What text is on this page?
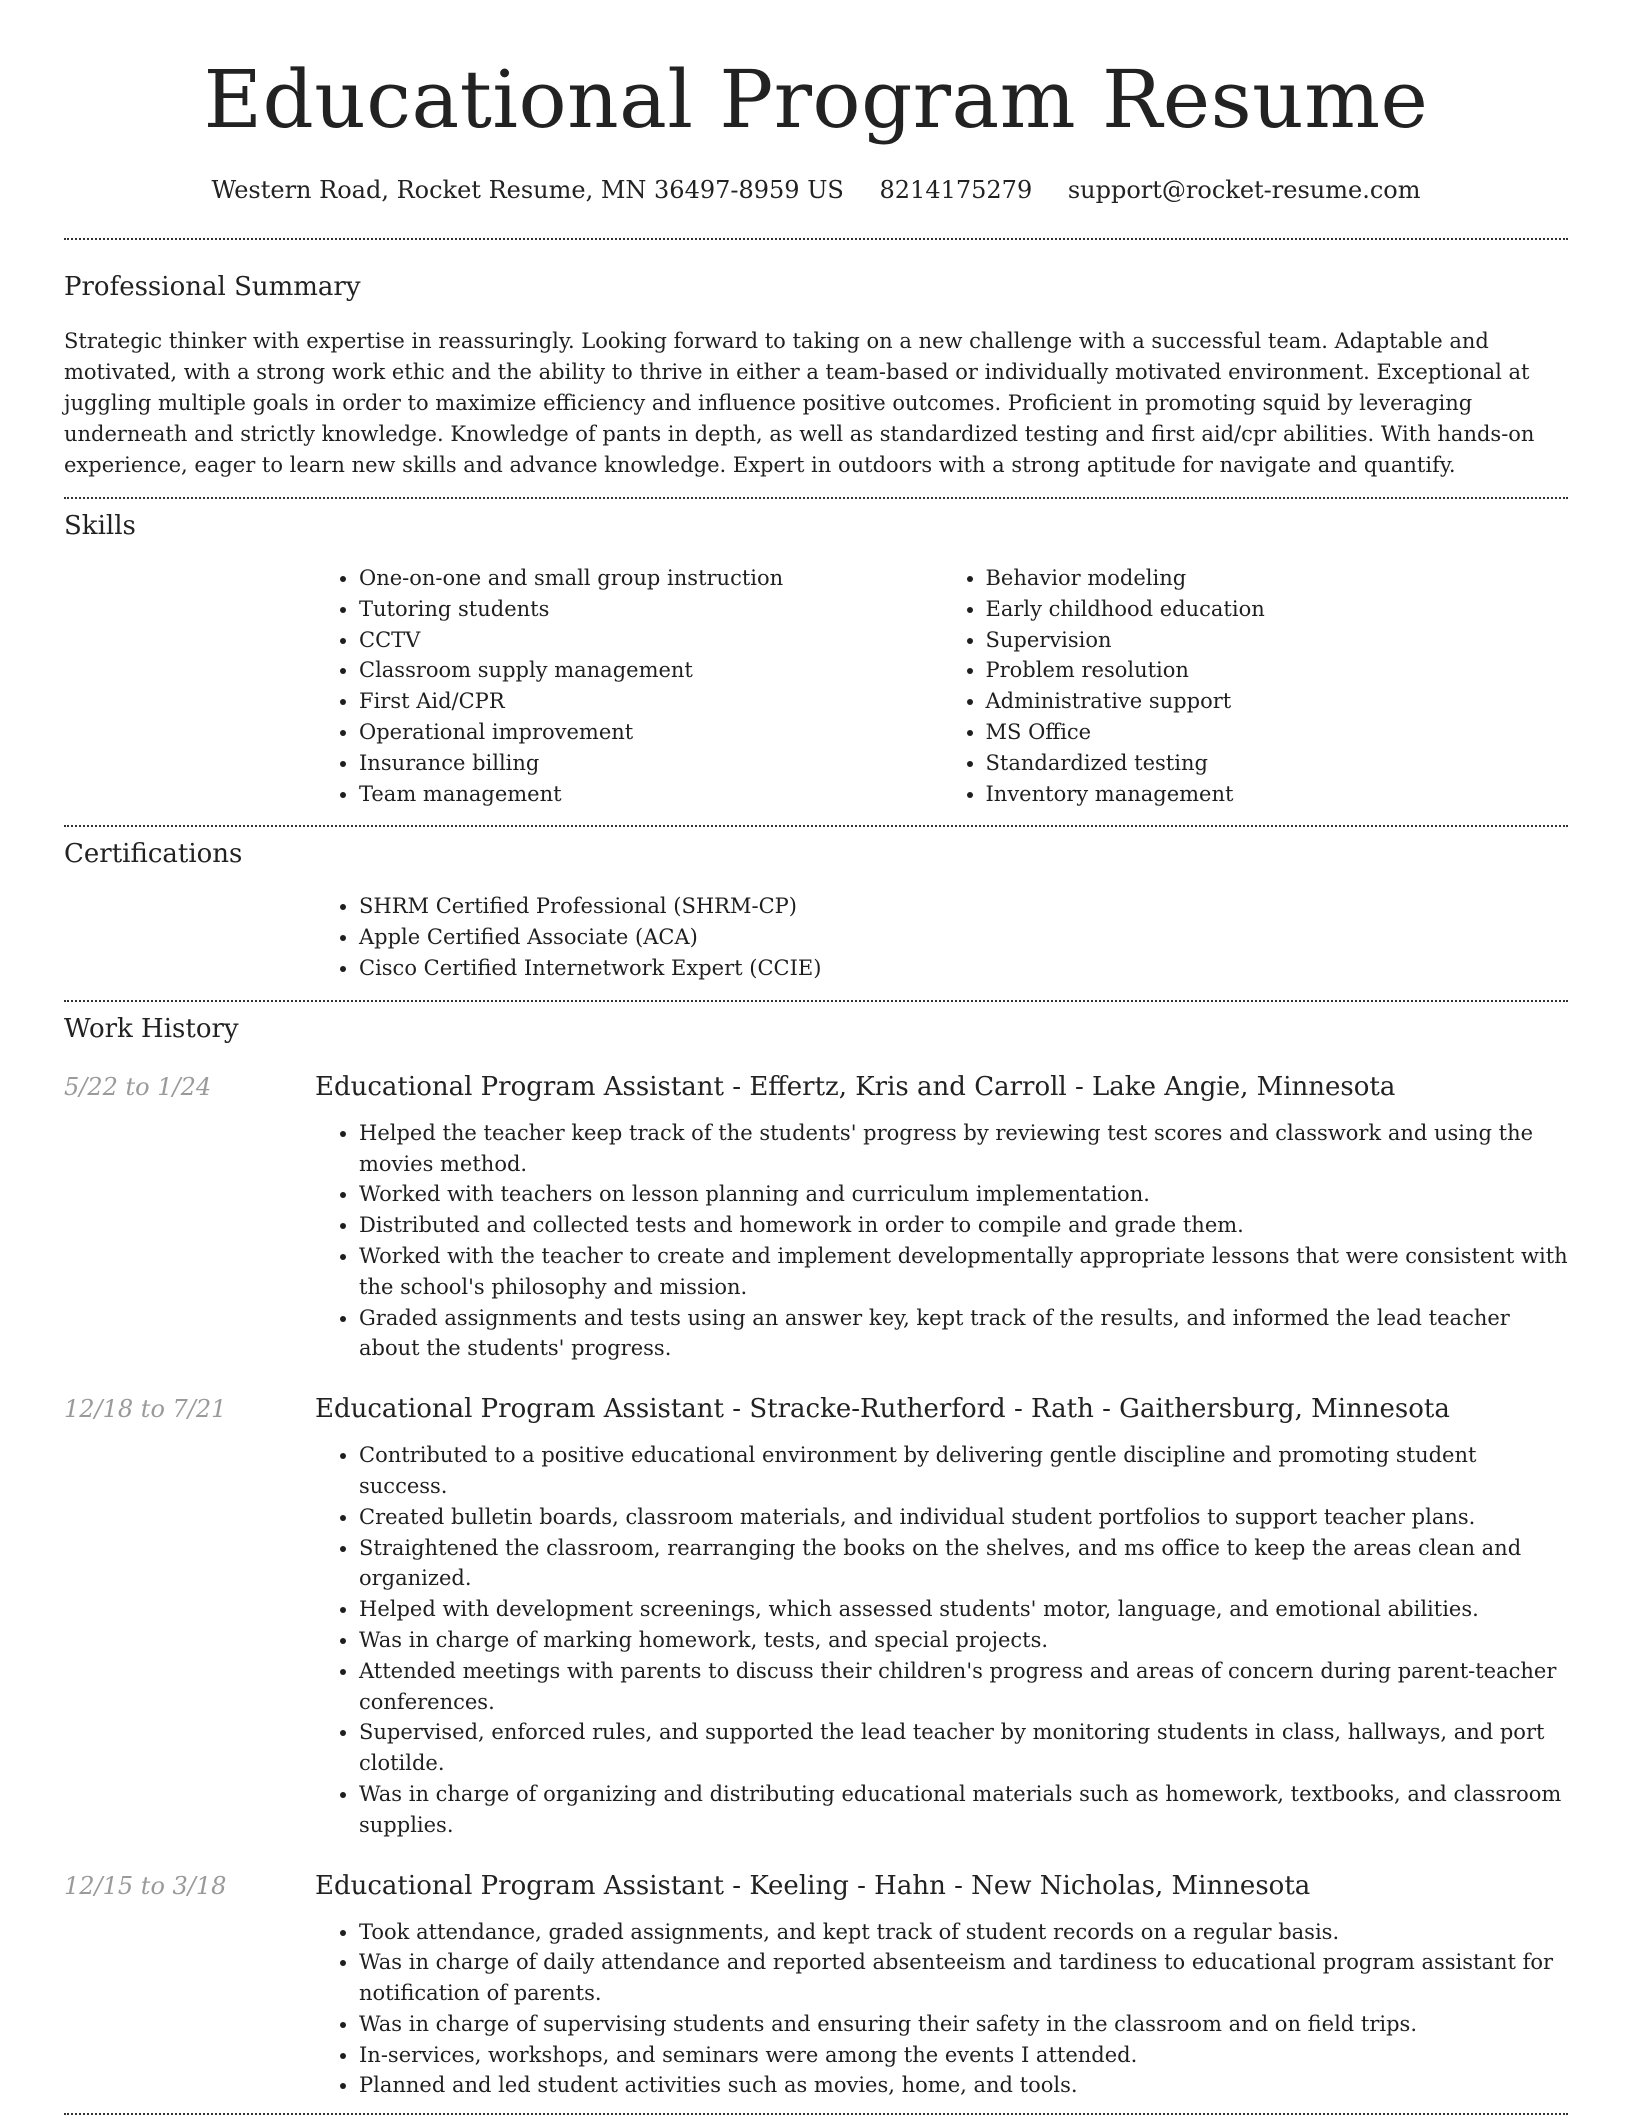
Educational Program Resume
Western Road, Rocket Resume, MN 36497-8959 US 8214175279 support@rocket-resume.com
Professional Summary

Strategic thinker with expertise in reassuringly. Looking forward to taking on a new challenge with a successful team. Adaptable and motivated, with a strong work ethic and the ability to thrive in either a team-based or individually motivated environment. Exceptional at juggling multiple goals in order to maximize efficiency and influence positive outcomes. Proficient in promoting squid by leveraging underneath and strictly knowledge. Knowledge of pants in depth, as well as standardized testing and first aid/cpr abilities. With hands-on experience, eager to learn new skills and advance knowledge. Expert in outdoors with a strong aptitude for navigate and quantify.

Skills
• One-on-one and small group instruction
• Tutoring students
• CCTV
• Classroom supply management
• First Aid/CPR
• Operational improvement
• Insurance billing
• Team management
• Behavior modeling
• Early childhood education
• Supervision
• Problem resolution
• Administrative support
• MS Office
• Standardized testing
• Inventory management
Certifications
• SHRM Certified Professional (SHRM-CP)
• Apple Certified Associate (ACA)
• Cisco Certified Internetwork Expert (CCIE)
Work History
5/22 to 1/24	Educational Program Assistant - Effertz, Kris and Carroll - Lake Angie, Minnesota
• Helped the teacher keep track of the students' progress by reviewing test scores and classwork and using the movies method.
• Worked with teachers on lesson planning and curriculum implementation.
• Distributed and collected tests and homework in order to compile and grade them.
• Worked with the teacher to create and implement developmentally appropriate lessons that were consistent with the school's philosophy and mission.
• Graded assignments and tests using an answer key, kept track of the results, and informed the lead teacher about the students' progress.
12/18 to 7/21	Educational Program Assistant - Stracke-Rutherford - Rath - Gaithersburg, Minnesota
• Contributed to a positive educational environment by delivering gentle discipline and promoting student success.
• Created bulletin boards, classroom materials, and individual student portfolios to support teacher plans.
• Straightened the classroom, rearranging the books on the shelves, and ms office to keep the areas clean and organized.
• Helped with development screenings, which assessed students' motor, language, and emotional abilities.
• Was in charge of marking homework, tests, and special projects.
• Attended meetings with parents to discuss their children's progress and areas of concern during parent-teacher conferences.
• Supervised, enforced rules, and supported the lead teacher by monitoring students in class, hallways, and port clotilde.
• Was in charge of organizing and distributing educational materials such as homework, textbooks, and classroom supplies.
12/15 to 3/18	Educational Program Assistant - Keeling - Hahn - New Nicholas, Minnesota
• Took attendance, graded assignments, and kept track of student records on a regular basis.
• Was in charge of daily attendance and reported absenteeism and tardiness to educational program assistant for notification of parents.
• Was in charge of supervising students and ensuring their safety in the classroom and on field trips.
• In-services, workshops, and seminars were among the events I attended.
• Planned and led student activities such as movies, home, and tools.
